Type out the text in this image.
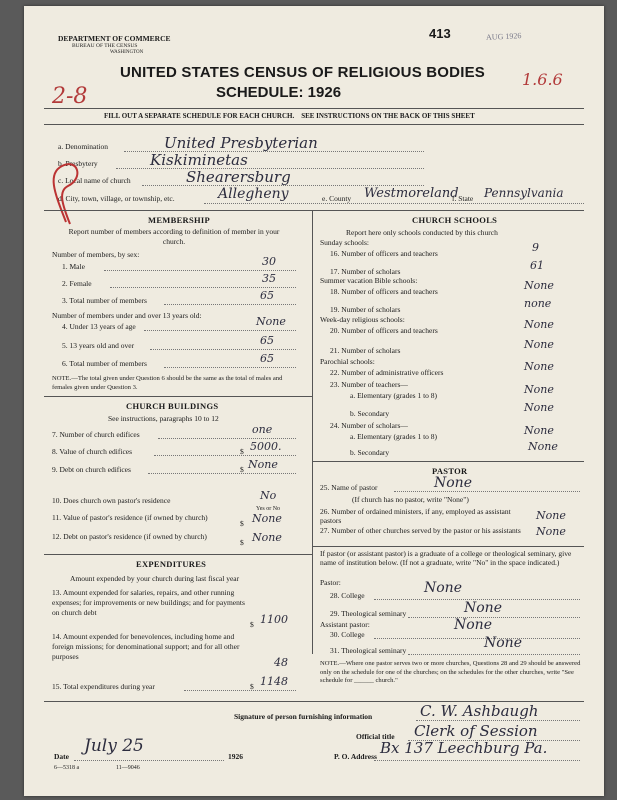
DEPARTMENT OF COMMERCE
BUREAU OF THE CENSUS
WASHINGTON
413	AUG 1926
1.6.6
2-8
UNITED STATES CENSUS OF RELIGIOUS BODIES
SCHEDULE: 1926
FILL OUT A SEPARATE SCHEDULE FOR EACH CHURCH.    SEE INSTRUCTIONS ON THE BACK OF THIS SHEET
a. Denomination	United Presbyterian
b. Presbytery	Kiskiminetas
c. Local name of church	Shearersburg
d. City, town, village, or township, etc.	Allegheny	e. County Westmoreland
f. State Pennsylvania
MEMBERSHIP
Report number of members according to definition of member in your church.
Number of members, by sex:
1. Male	30
2. Female	35
3. Total number of members	65
Number of members under and over 13 years old:
4. Under 13 years of age	None
5. 13 years old and over	65
6. Total number of members	65
NOTE.—The total given under Question 6 should be the same as the total of males and females given under Question 3.
CHURCH BUILDINGS
See instructions, paragraphs 10 to 12
7. Number of church edifices	one
8. Value of church edifices	$ 5000.
9. Debt on church edifices	$ None
10. Does church own pastor's residence	No
Yes or No
11. Value of pastor's residence (if owned by church)
$ None
12. Debt on pastor's residence (if owned by church)
$ None
EXPENDITURES
Amount expended by your church during last fiscal year
13. Amount expended for salaries, repairs, and other running expenses; for improvements or new buildings; and for payments on church debt
$ 1100
14. Amount expended for benevolences, including home and foreign missions; for denominational support; and for all other purposes	48
15. Total expenditures during year	$ 1148
CHURCH SCHOOLS
Report here only schools conducted by this church
Sunday schools:
16. Number of officers and teachers	9
17. Number of scholars	61
Summer vacation Bible schools:
18. Number of officers and teachers	None
19. Number of scholars	none
Week-day religious schools:
20. Number of officers and teachers	None
21. Number of scholars	None
Parochial schools:
22. Number of administrative officers	None
23. Number of teachers—
a. Elementary (grades 1 to 8)	None
b. Secondary	None
24. Number of scholars—
a. Elementary (grades 1 to 8)	None
b. Secondary	None
PASTOR
25. Name of pastor	None
(If church has no pastor, write "None")
26. Number of ordained ministers, if any, employed as assistant pastors	None
27. Number of other churches served by the pastor or his assistants None
If pastor (or assistant pastor) is a graduate of a college or theological seminary, give name of institution below. (If not a graduate, write "No" in the space indicated.)
Pastor:
28. College	None
29. Theological seminary	None
Assistant pastor:
30. College
None
31. Theological seminary	None
NOTE.—Where one pastor serves two or more churches, Questions 28 and 29 should be answered only on the schedule for one of the churches; on the schedules for the other churches, write "See schedule for ______ church."
Signature of person furnishing information	C. W. Ashbaugh
Official title Clerk of Session
Date
July 25
1926	P. O. Address Bx 137 Leechburg Pa.
6—5318 a	11—9046
